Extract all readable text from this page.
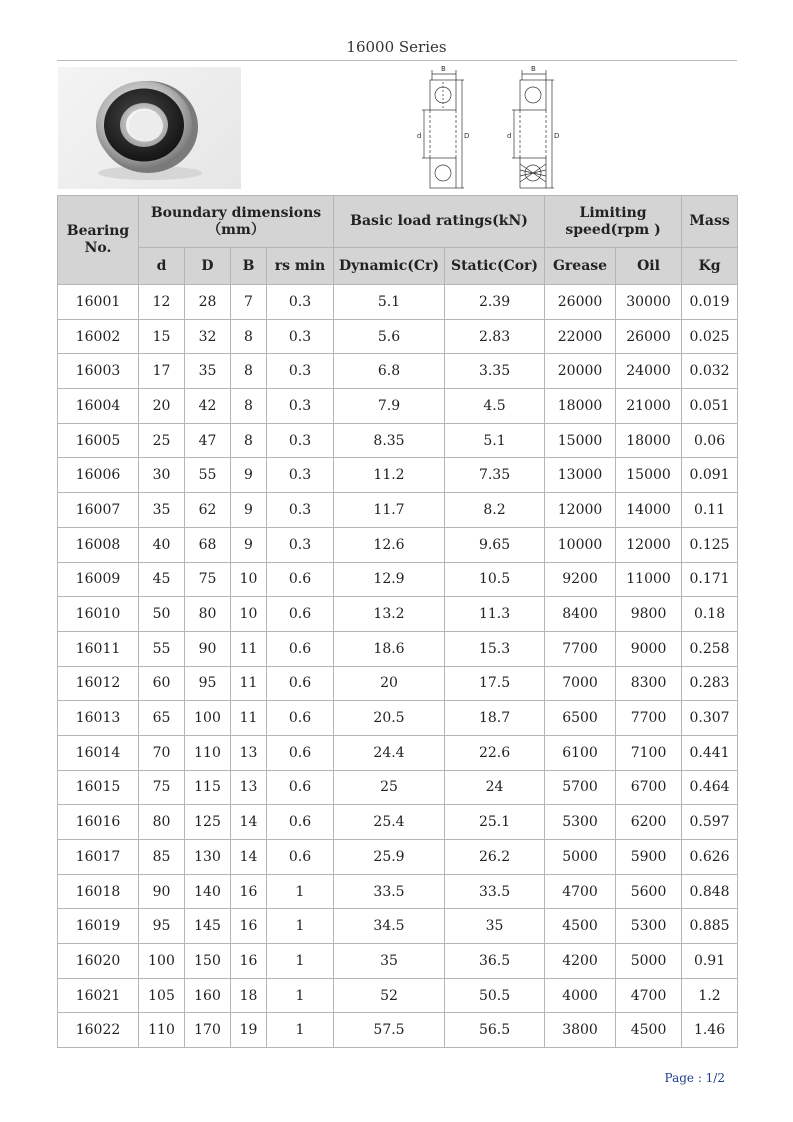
16000 Series
B	B
d	D	d	D
Bearing No.	Boundary dimensions
（mm）				Basic load ratings(kN)		Limiting speed(rpm )		Mass
	d	D	B	rs min	Dynamic(Cr)	Static(Cor)	Grease	Oil	Kg
16001	12	28	7	0.3	5.1	2.39	26000	30000	0.019
16002	15	32	8	0.3	5.6	2.83	22000	26000	0.025
16003	17	35	8	0.3	6.8	3.35	20000	24000	0.032
16004	20	42	8	0.3	7.9	4.5	18000	21000	0.051
16005	25	47	8	0.3	8.35	5.1	15000	18000	0.06
16006	30	55	9	0.3	11.2	7.35	13000	15000	0.091
16007	35	62	9	0.3	11.7	8.2	12000	14000	0.11
16008	40	68	9	0.3	12.6	9.65	10000	12000	0.125
16009	45	75	10	0.6	12.9	10.5	9200	11000	0.171
16010	50	80	10	0.6	13.2	11.3	8400	9800	0.18
16011	55	90	11	0.6	18.6	15.3	7700	9000	0.258
16012	60	95	11	0.6	20	17.5	7000	8300	0.283
16013	65	100	11	0.6	20.5	18.7	6500	7700	0.307
16014	70	110	13	0.6	24.4	22.6	6100	7100	0.441
16015	75	115	13	0.6	25	24	5700	6700	0.464
16016	80	125	14	0.6	25.4	25.1	5300	6200	0.597
16017	85	130	14	0.6	25.9	26.2	5000	5900	0.626
16018	90	140	16	1	33.5	33.5	4700	5600	0.848
16019	95	145	16	1	34.5	35	4500	5300	0.885
16020	100	150	16	1	35	36.5	4200	5000	0.91
16021	105	160	18	1	52	50.5	4000	4700	1.2
16022	110	170	19	1	57.5	56.5	3800	4500	1.46
Page : 1/2
